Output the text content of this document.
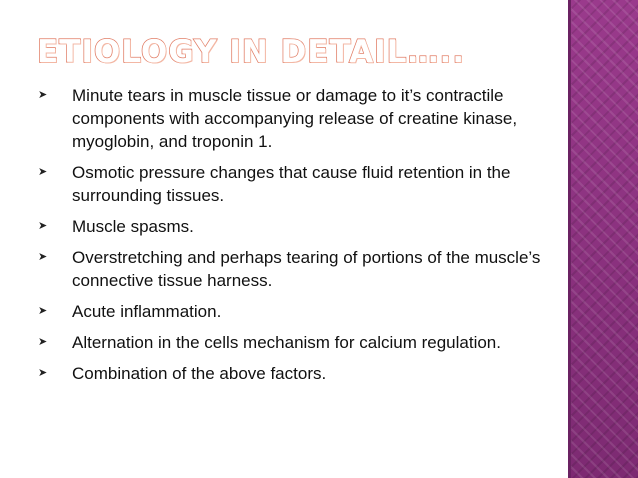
ETIOLOGY IN DETAIL…..
➤	Minute tears in muscle tissue or damage to it’s contractile components with accompanying release of creatine kinase, myoglobin, and troponin 1.
➤	Osmotic pressure changes that cause fluid retention in the surrounding tissues.
➤	Muscle spasms.
➤	Overstretching and perhaps tearing of portions of the muscle’s connective tissue harness.
➤	Acute inflammation.
➤	Alternation in the cells mechanism for calcium regulation.
➤	Combination of the above factors.
